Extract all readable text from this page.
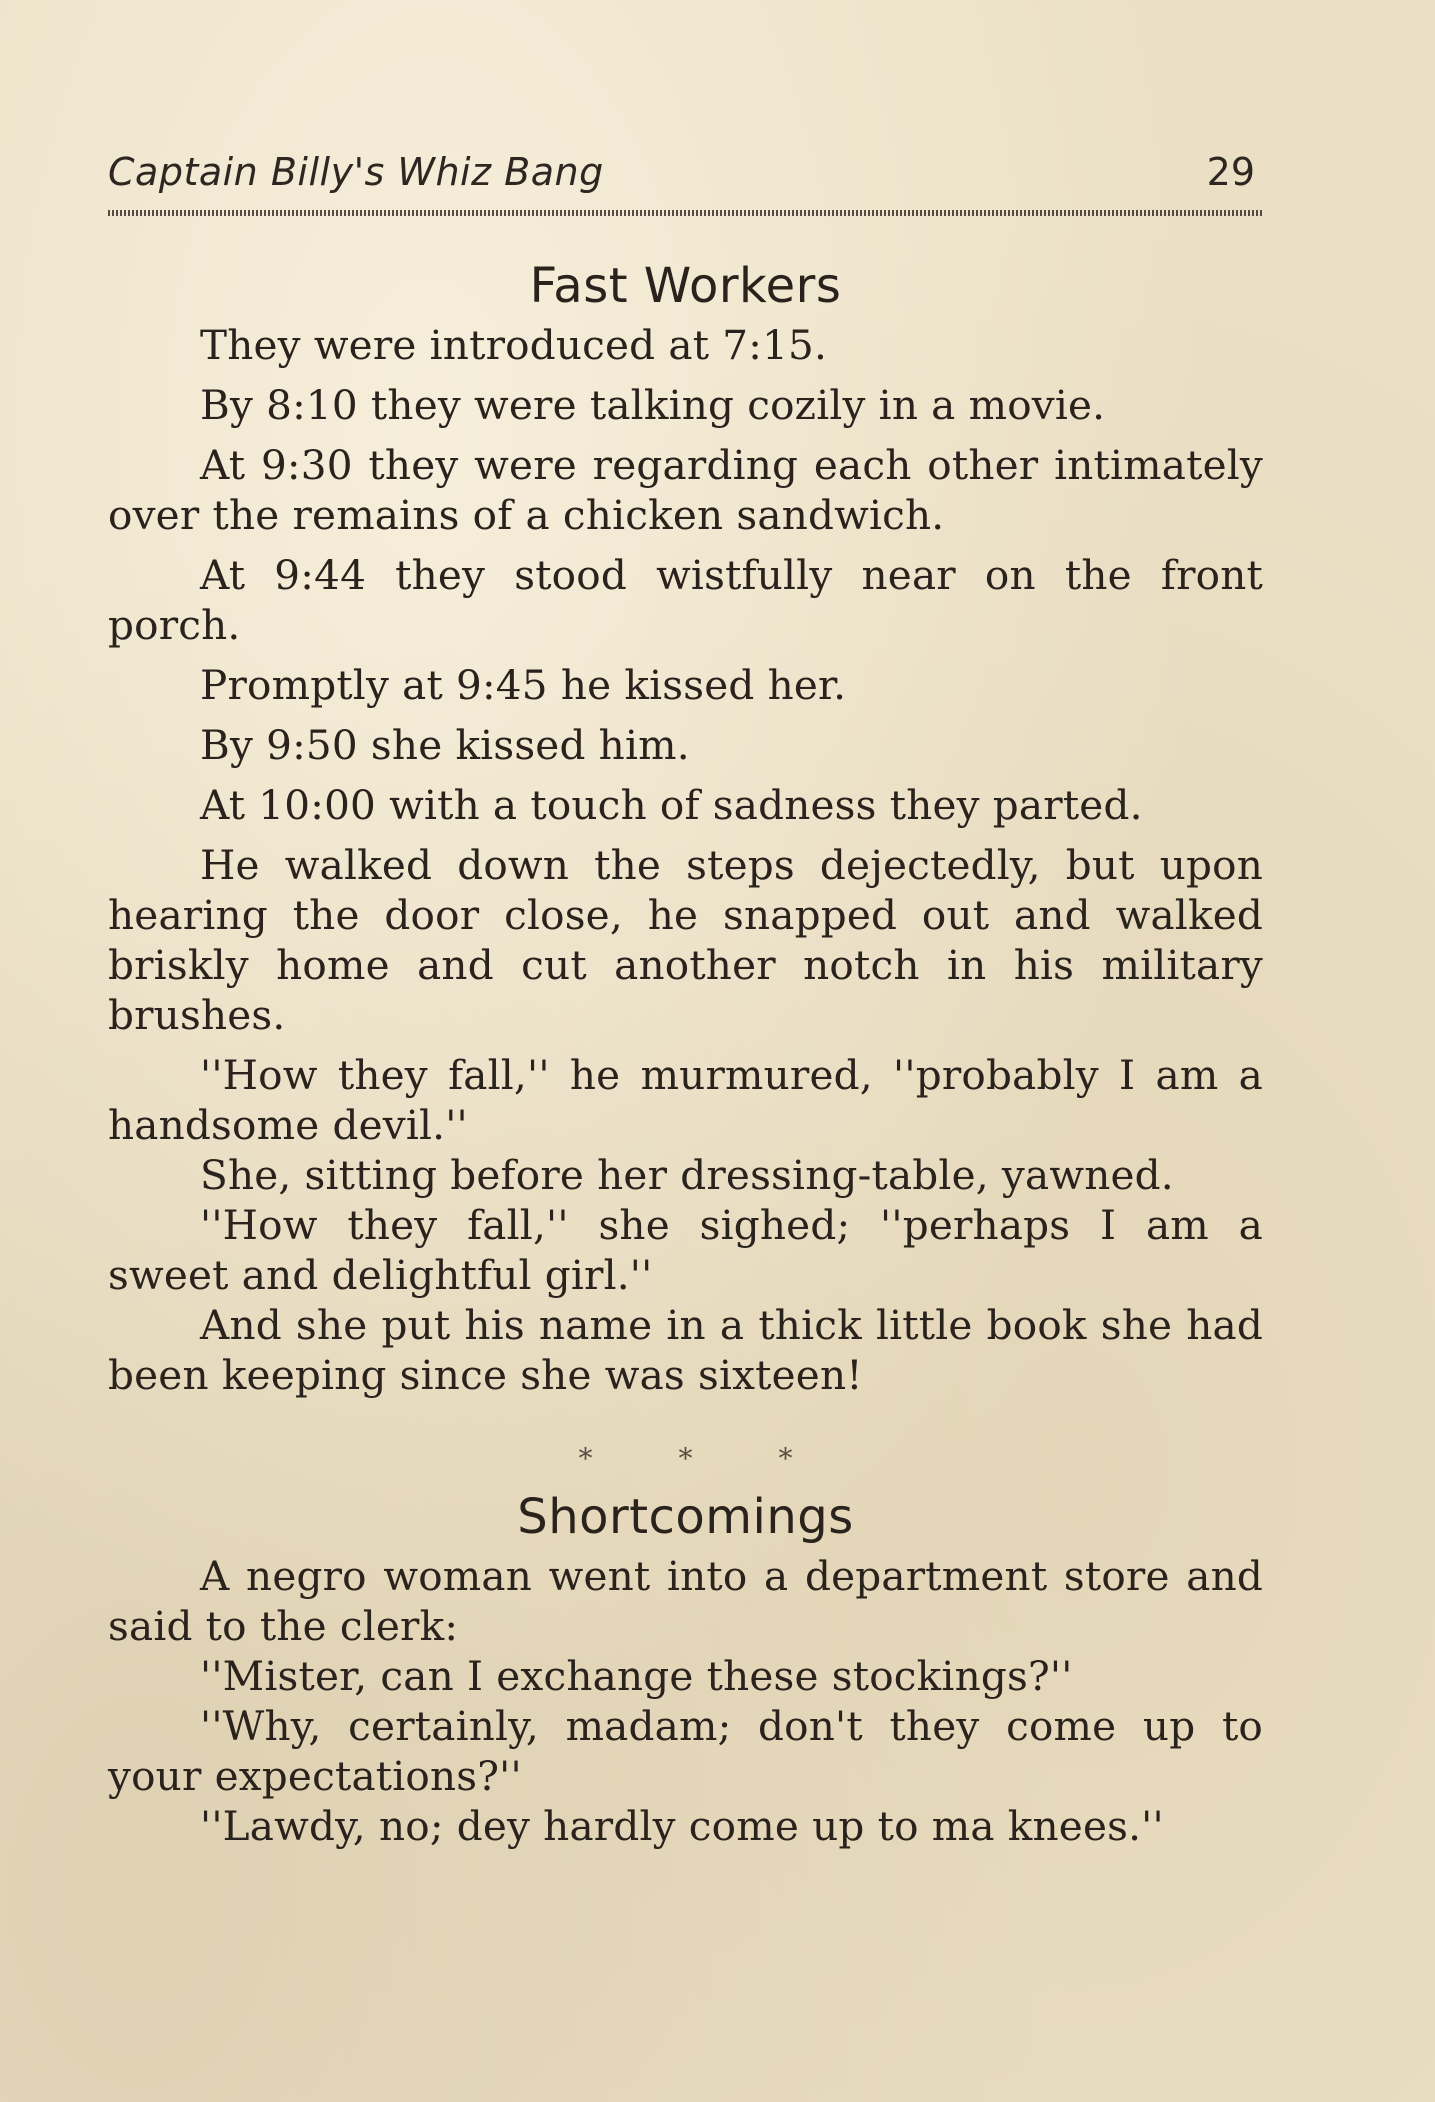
Captain Billy's Whiz Bang	29
Fast Workers

They were introduced at 7:15.

By 8:10 they were talking cozily in a movie.

At 9:30 they were regarding each other intimately over the remains of a chicken sandwich.

At 9:44 they stood wistfully near on the front porch.

Promptly at 9:45 he kissed her.

By 9:50 she kissed him.

At 10:00 with a touch of sadness they parted.

He walked down the steps dejectedly, but upon hearing the door close, he snapped out and walked briskly home and cut another notch in his military brushes.

''How they fall,'' he murmured, ''probably I am a handsome devil.''

She, sitting before her dressing-table, yawned.

''How they fall,'' she sighed; ''perhaps I am a sweet and delightful girl.''

And she put his name in a thick little book she had been keeping since she was sixteen!

*	*	*
Shortcomings

A negro woman went into a department store and said to the clerk:

''Mister, can I exchange these stockings?''

''Why, certainly, madam; don't they come up to your expectations?''

''Lawdy, no; dey hardly come up to ma knees.''
